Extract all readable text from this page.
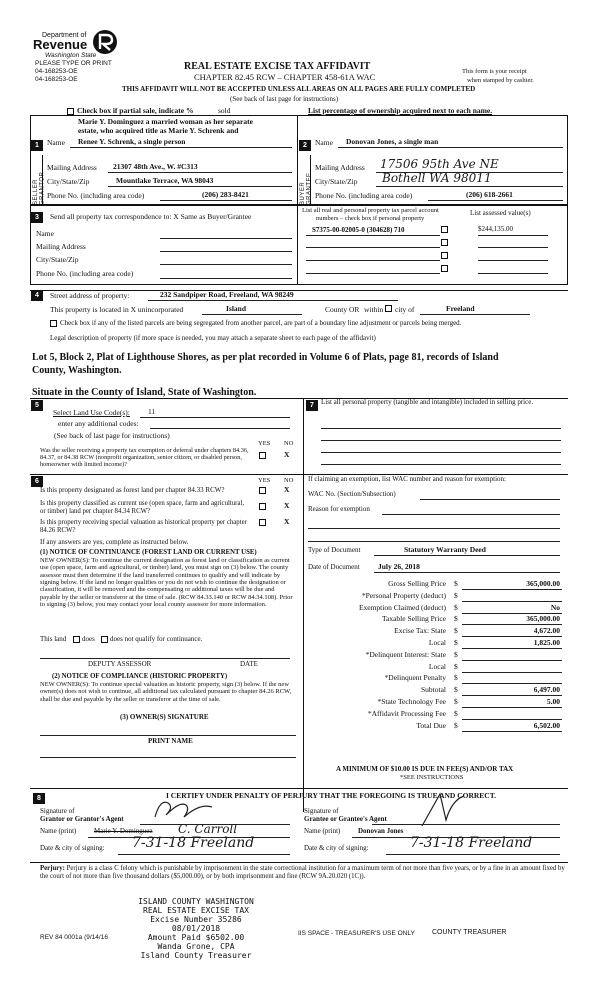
Department of
Revenue
Washington State
PLEASE TYPE OR PRINT
04-168253-OE
04-168253-OE
REAL ESTATE EXCISE TAX AFFIDAVIT
CHAPTER 82.45 RCW – CHAPTER 458-61A WAC
THIS AFFIDAVIT WILL NOT BE ACCEPTED UNLESS ALL AREAS ON ALL PAGES ARE FULLY COMPLETED
(See back of last page for instructions)
This form is your receipt
when stamped by cashier.
Check box if partial sale, indicate %	sold	List percentage of ownership acquired next to each name.
1
SELLER GRANTOR
Marie Y. Dominguez a married woman as her separate
estate, who acquired title as Marie Y. Schrenk and
Name Renee Y. Schrenk, a single person
Mailing Address 21307 48th Ave., W. #C313
City/State/Zip	Mountlake Terrace, WA 98043
Phone No. (including area code)	(206) 283-8421
2
BUYER GRANTEE
Name Donovan Jones, a single man
Mailing Address 17506 95th Ave NE
City/State/Zip Bothell WA 98011
Phone No. (including area code)	(206) 618-2661
3	Send all property tax correspondence to: X Same as Buyer/Grantee
Name
Mailing Address
City/State/Zip
Phone No. (including area code)
List all real and personal property tax parcel account
numbers – check box if personal property
List assessed value(s)
S7375-00-02005-0 (304628) 710	$244,135.00
4	Street address of property:	232 Sandpiper Road, Freeland, WA 98249
This property is located in X unincorporated	Island	County OR within city of	Freeland
Check box if any of the listed parcels are being segregated from another parcel, are part of a boundary line adjustment or parcels being merged.
Legal description of property (if more space is needed, you may attach a separate sheet to each page of the affidavit)
Lot 5, Block 2, Plat of Lighthouse Shores, as per plat recorded in Volume 6 of Plats, page 81, records of Island
County, Washington.
Situate in the County of Island, State of Washington.
5
Select Land Use Code(s): 11
enter any additional codes:
(See back of last page for instructions)
YES NO
Was the seller receiving a property tax exemption or deferral under chapters 84.36, 84.37, or 84.38 RCW (nonprofit organization, senior citizen, or disabled person, homeowner with limited income)?
X
6	YES NO
Is this property designated as forest land per chapter 84.33 RCW?	X
Is this property classified as current use (open space, farm and agricultural, or timber) land per chapter 84.34 RCW?
X
Is this property receiving special valuation as historical property per chapter 84.26 RCW?
X
If any answers are yes, complete as instructed below.
(1) NOTICE OF CONTINUANCE (FOREST LAND OR CURRENT USE)
NEW OWNER(S): To continue the current designation as forest land or classification as current use (open space, farm and agricultural, or timber) land, you must sign on (3) below. The county assessor must then determine if the land transferred continues to qualify and will indicate by signing below. If the land no longer qualifies or you do not wish to continue the designation or classification, it will be removed and the compensating or additional taxes will be due and payable by the seller or transferor at the time of sale. (RCW 84.33.140 or RCW 84.34.108). Prior to signing (3) below, you may contact your local county assessor for more information.
This land does does not qualify for continuance.
DEPUTY ASSESSOR	DATE
(2) NOTICE OF COMPLIANCE (HISTORIC PROPERTY)
NEW OWNER(S): To continue special valuation as historic property, sign (3) below. If the new owner(s) does not wish to continue, all additional tax calculated pursuant to chapter 84.26 RCW, shall be due and payable by the seller or transferor at the time of sale.
(3) OWNER(S) SIGNATURE
PRINT NAME
7	List all personal property (tangible and intangible) included in selling price.
If claiming an exemption, list WAC number and reason for exemption:
WAC No. (Section/Subsection)
Reason for exemption
Type of Document	Statutory Warranty Deed
Date of Document July 26, 2018
Gross Selling Price $	365,000.00
*Personal Property (deduct) $
Exemption Claimed (deduct) $	No
Taxable Selling Price $	365,000.00
Excise Tax: State $	4,672.00
Local $	1,825.00
*Delinquent Interest: State $
Local $
*Delinquent Penalty $
Subtotal $	6,497.00
*State Technology Fee $	5.00
*Affidavit Processing Fee $
Total Due $	6,502.00
A MINIMUM OF $10.00 IS DUE IN FEE(S) AND/OR TAX
*SEE INSTRUCTIONS
8	I CERTIFY UNDER PENALTY OF PERJURY THAT THE FOREGOING IS TRUE AND CORRECT.
Signature of
Grantor or Grantor's Agent
Name (print)	Marie Y. Dominguez C. Carroll
Date & city of signing: 7-31-18 Freeland
Signature of
Grantee or Grantee's Agent
Name (print)	Donovan Jones
Date & city of signing:	7-31-18 Freeland
Perjury: Perjury is a class C felony which is punishable by imprisonment in the state correctional institution for a maximum term of not more than five years, or by a fine in an amount fixed by the court of not more than five thousand dollars ($5,000.00), or by both imprisonment and fine (RCW 9A.20.020 (1C)).
ISLAND COUNTY WASHINGTON
REAL ESTATE EXCISE TAX
Excise Number 35286
08/01/2018
Amount Paid $6502.00
Wanda Grone, CPA
Island County Treasurer
REV 84 0001a (9/14/16
IIS SPACE - TREASURER'S USE ONLY COUNTY TREASURER
